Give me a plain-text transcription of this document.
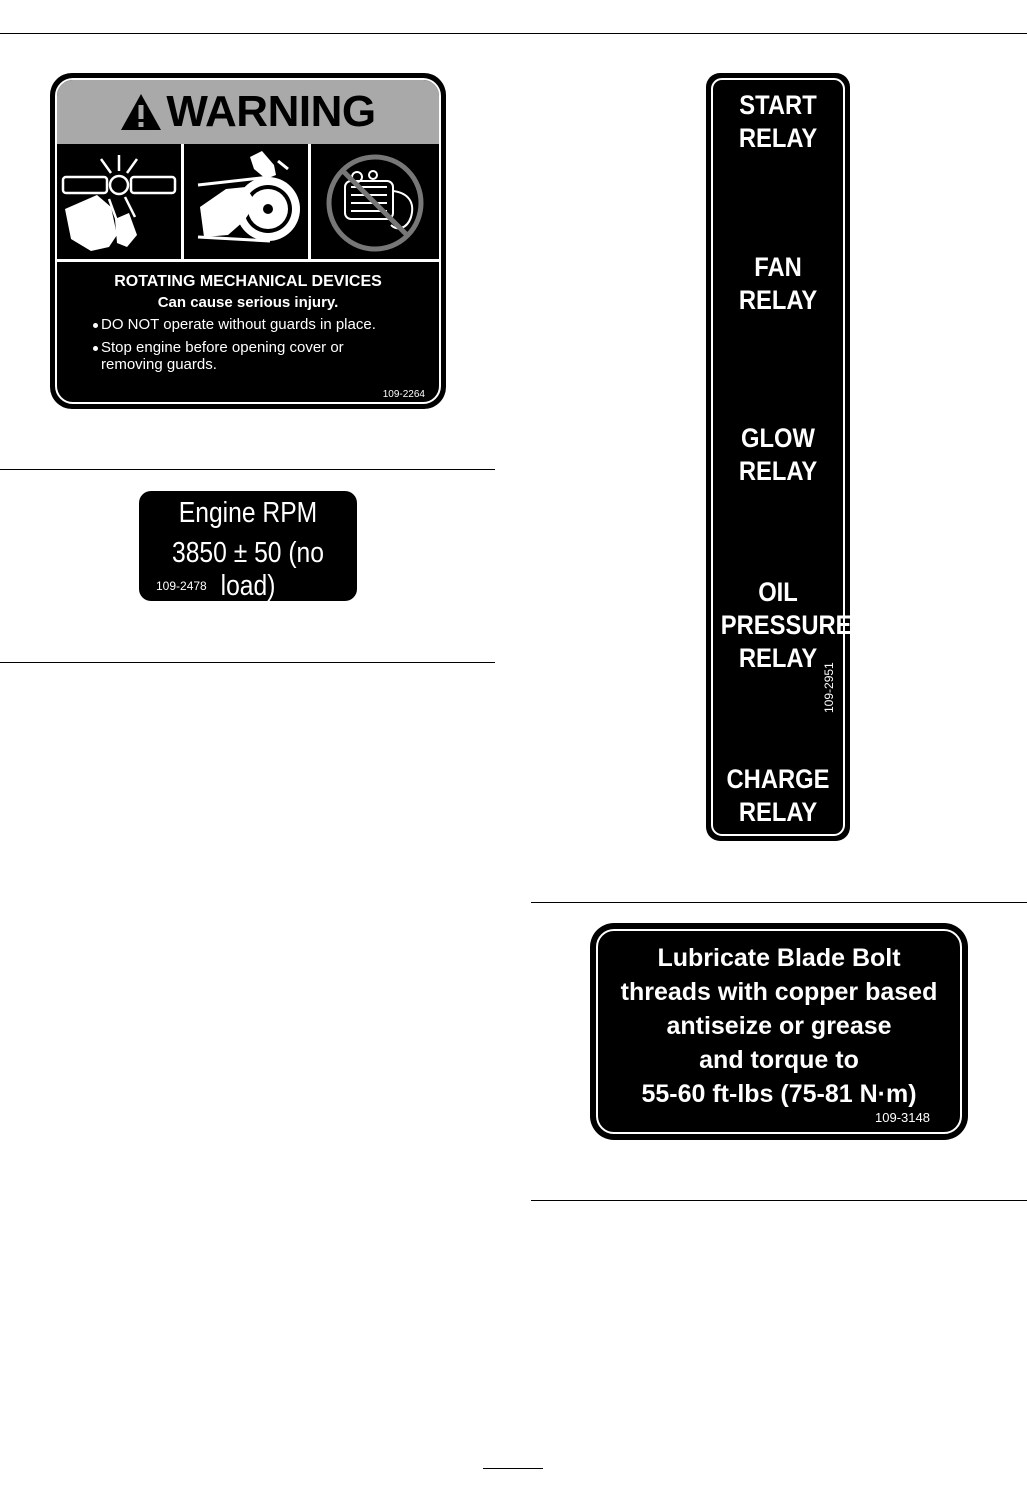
WARNING
ROTATING MECHANICAL DEVICES
Can cause serious injury.
DO NOT operate without guards in place.
Stop engine before opening cover or
removing guards.
109-2264
Engine RPM
3850 ± 50 (no load)
109-2478
START
RELAY
FAN
RELAY
GLOW
RELAY
OIL
PRESSURE
RELAY
CHARGE
RELAY
109-2951
Lubricate Blade Bolt
threads with copper based
antiseize or grease
and torque to
55-60 ft-lbs (75-81 N·m)
109-3148
